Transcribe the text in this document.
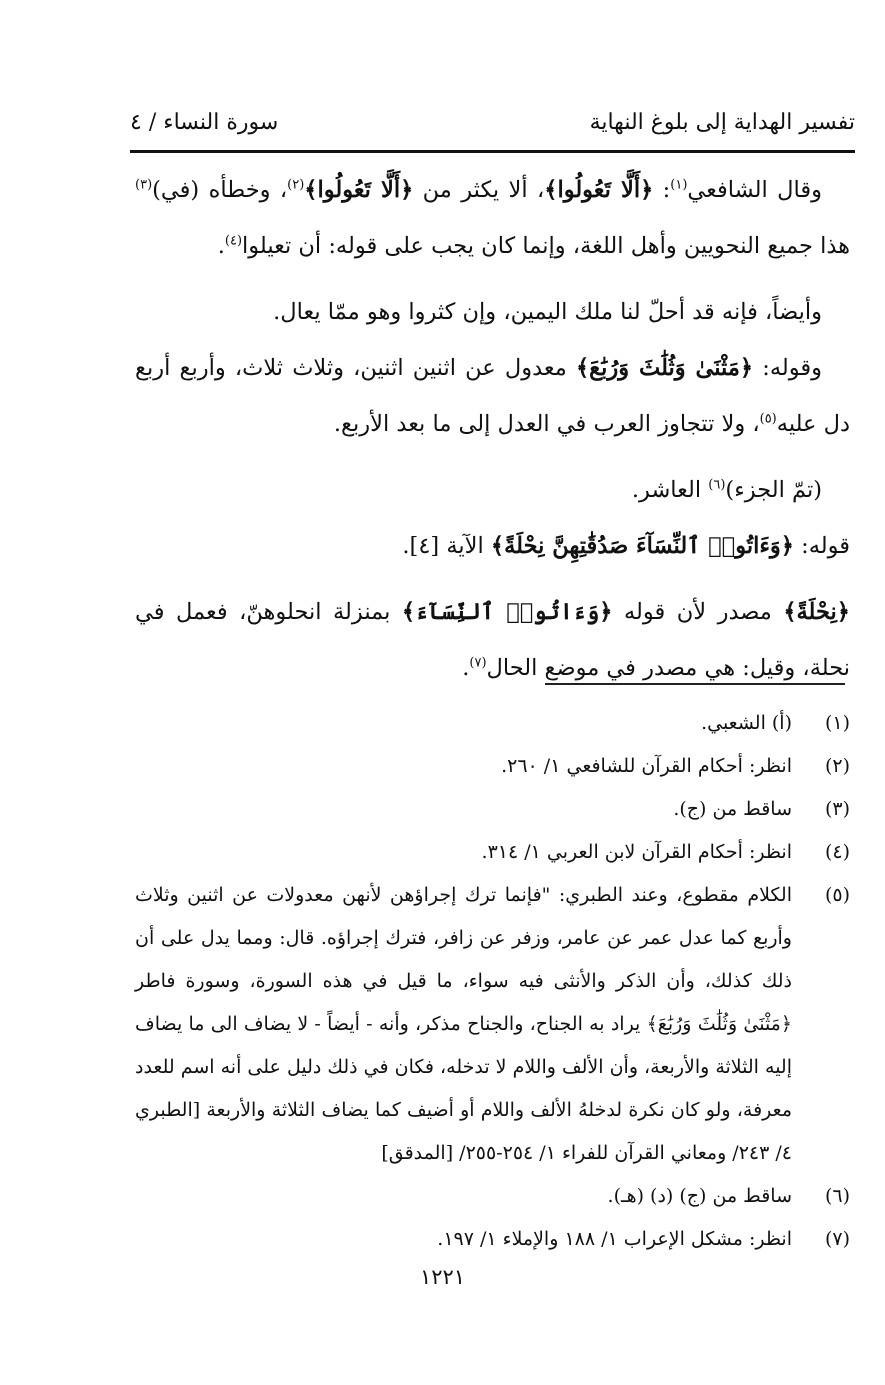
تفسير الهداية إلى بلوغ النهاية
سورة النساء / ٤

وقال الشافعي$^{(١)}$: ﴿أَلَّا تَعُولُوا﴾، ألا يكثر من ﴿أَلَّا تَعُولُوا﴾$^{(٢)}$، وخطأه (في)$^{(٣)}$ هذا جميع النحويين وأهل اللغة، وإنما كان يجب على قوله: أن تعيلوا$^{(٤)}$.

وأيضاً، فإنه قد أحلّ لنا ملك اليمين، وإن كثروا وهو ممّا يعال.

وقوله: ﴿مَثْنَىٰ وَثُلَٰثَ وَرُبَٰعَ﴾ معدول عن اثنين اثنين، وثلاث ثلاث، وأربع أربع دل عليه$^{(٥)}$، ولا تتجاوز العرب في العدل إلى ما بعد الأربع.

(تمّ الجزء)$^{(٦)}$ العاشر.

قوله: ﴿وَءَاتُوا۟ ٱلنِّسَآءَ صَدُقَٰتِهِنَّ نِحْلَةً﴾ الآية [٤].

﴿نِحْلَةً﴾ مصدر لأن قوله ﴿وَءَاتُوا۟ ٱلنِّسَآءَ﴾ بمنزلة انحلوهنّ، فعمل في نحلة، وقيل: هي مصدر في موضع الحال$^{(٧)}$.

(١)
(أ) الشعبي.
(٢)
انظر: أحكام القرآن للشافعي ١/ ٢٦٠.
(٣)
ساقط من (ج).
(٤)
انظر: أحكام القرآن لابن العربي ١/ ٣١٤.
(٥)
الكلام مقطوع، وعند الطبري: "فإنما ترك إجراؤهن لأنهن معدولات عن اثنين وثلاث وأربع كما عدل عمر عن عامر، وزفر عن زافر، فترك إجراؤه. قال: ومما يدل على أن ذلك كذلك، وأن الذكر والأنثى فيه سواء، ما قيل في هذه السورة، وسورة فاطر ﴿مَثْنَىٰ وَثُلَٰثَ وَرُبَٰعَ﴾ يراد به الجناح، والجناح مذكر، وأنه - أيضاً - لا يضاف الى ما يضاف إليه الثلاثة والأربعة، وأن الألف واللام لا تدخله، فكان في ذلك دليل على أنه اسم للعدد معرفة، ولو كان نكرة لدخلهُ الألف واللام أو أضيف كما يضاف الثلاثة والأربعة [الطبري ٤/ ٢٤٣/ ومعاني القرآن للفراء ١/ ٢٥٤-٢٥٥/ [المدقق]
(٦)
ساقط من (ج) (د) (هـ).
(٧)
انظر: مشكل الإعراب ١/ ١٨٨ والإملاء ١/ ١٩٧.
١٢٢١
